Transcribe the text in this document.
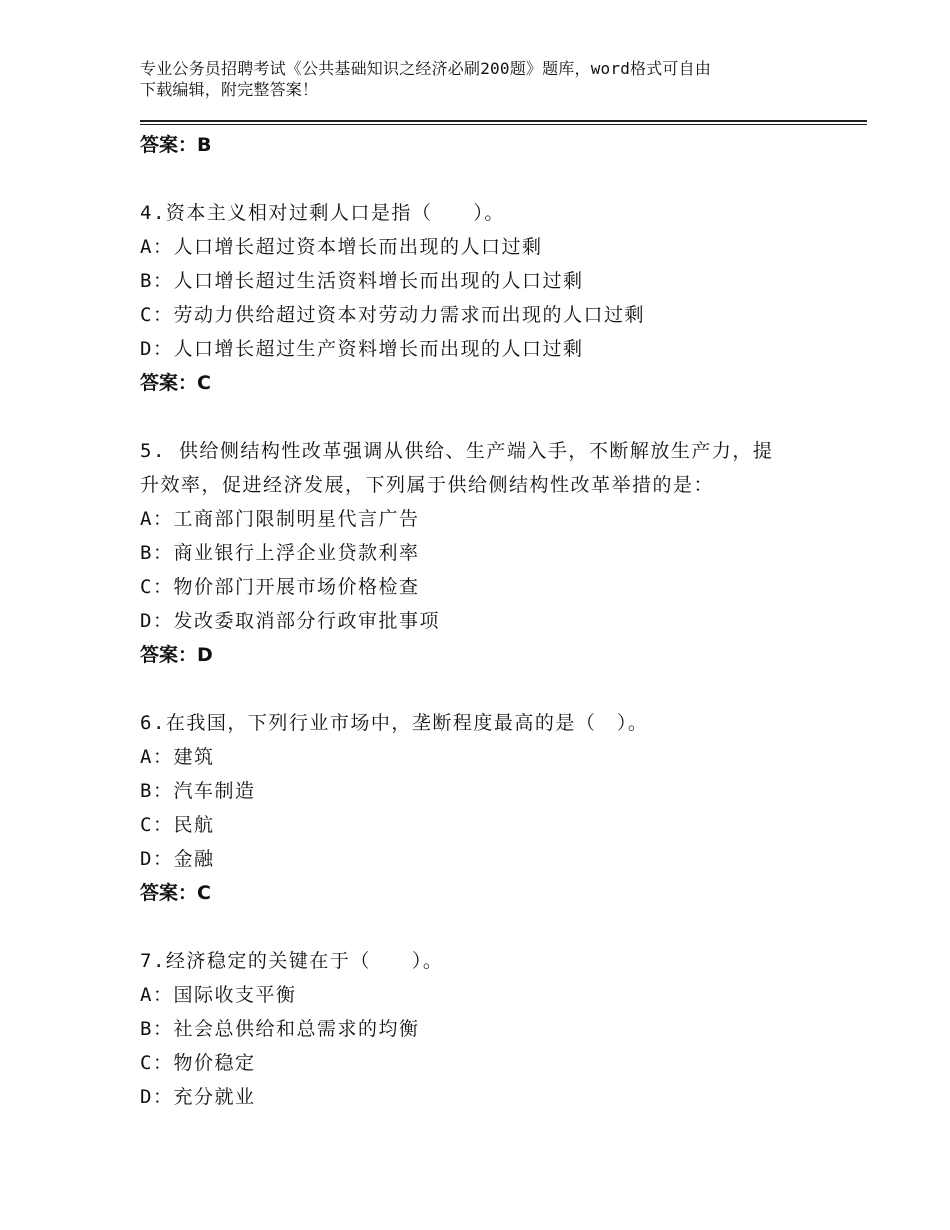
专业公务员招聘考试《公共基础知识之经济必刷200题》题库，word格式可自由
下载编辑，附完整答案！

答案：B

4.资本主义相对过剩人口是指（　　）。

A：人口增长超过资本增长而出现的人口过剩

B：人口增长超过生活资料增长而出现的人口过剩

C：劳动力供给超过资本对劳动力需求而出现的人口过剩

D：人口增长超过生产资料增长而出现的人口过剩

答案：C

5. 供给侧结构性改革强调从供给、生产端入手，不断解放生产力，提

升效率，促进经济发展，下列属于供给侧结构性改革举措的是：

A：工商部门限制明星代言广告

B：商业银行上浮企业贷款利率

C：物价部门开展市场价格检查

D：发改委取消部分行政审批事项

答案：D

6.在我国，下列行业市场中，垄断程度最高的是（　）。

A：建筑

B：汽车制造

C：民航

D：金融

答案：C

7.经济稳定的关键在于（　　）。

A：国际收支平衡

B：社会总供给和总需求的均衡

C：物价稳定

D：充分就业
